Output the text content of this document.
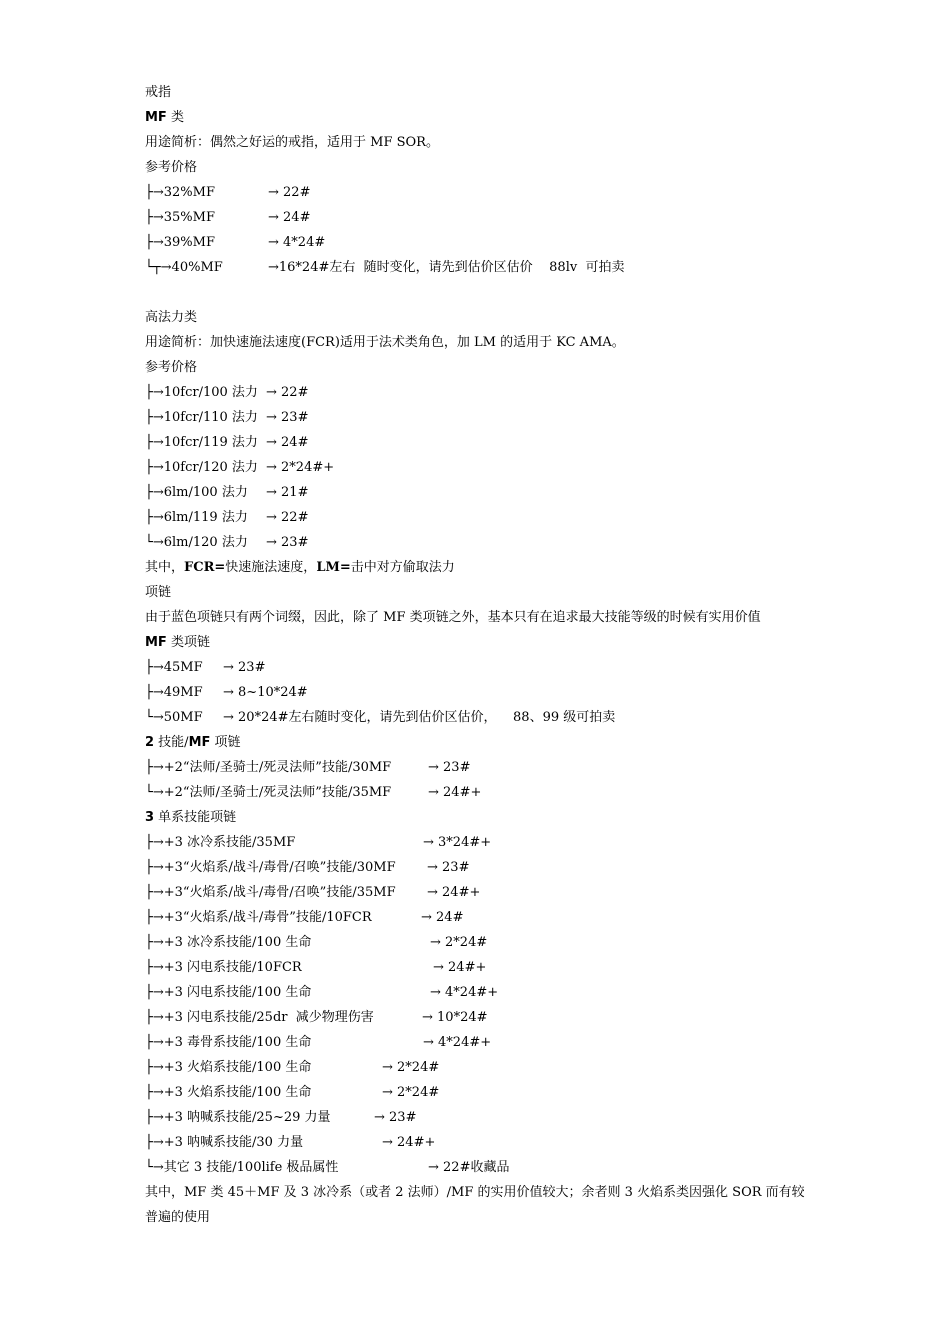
戒指
MF 类
用途简析：偶然之好运的戒指，适用于 MF SOR。
参考价格
├→32%MF	→ 22#
├→35%MF	→ 24#
├→39%MF	→ 4*24#
└┬→40%MF	→16*24#左右  随时变化，请先到估价区估价    88lv  可拍卖
高法力类
用途简析：加快速施法速度(FCR)适用于法术类角色，加 LM 的适用于 KC AMA。
参考价格
├→10fcr/100 法力 → 22#
├→10fcr/110 法力 → 23#
├→10fcr/119 法力 → 24#
├→10fcr/120 法力 → 2*24#+
├→6lm/100 法力 → 21#
├→6lm/119 法力 → 22#
└→6lm/120 法力 → 23#
其中，FCR=快速施法速度，LM=击中对方偷取法力
项链
由于蓝色项链只有两个词缀，因此，除了 MF 类项链之外，基本只有在追求最大技能等级的时候有实用价值
MF 类项链
├→45MF → 23#
├→49MF → 8~10*24#
└→50MF → 20*24#左右随时变化，请先到估价区估价，    88、99 级可拍卖
2 技能/MF 项链
├→+2“法师/圣骑士/死灵法师”技能/30MF	→ 23#
└→+2“法师/圣骑士/死灵法师”技能/35MF	→ 24#+
3 单系技能项链
├→+3 冰冷系技能/35MF	→ 3*24#+
├→+3“火焰系/战斗/毒骨/召唤”技能/30MF → 23#
├→+3“火焰系/战斗/毒骨/召唤”技能/35MF → 24#+
├→+3“火焰系/战斗/毒骨”技能/10FCR	→ 24#
├→+3 冰冷系技能/100 生命	→ 2*24#
├→+3 闪电系技能/10FCR	→ 24#+
├→+3 闪电系技能/100 生命	→ 4*24#+
├→+3 闪电系技能/25dr  减少物理伤害	→ 10*24#
├→+3 毒骨系技能/100 生命	→ 4*24#+
├→+3 火焰系技能/100 生命	→ 2*24#
├→+3 火焰系技能/100 生命	→ 2*24#
├→+3 呐喊系技能/25~29 力量	→ 23#
├→+3 呐喊系技能/30 力量	→ 24#+
└→其它 3 技能/100life 极品属性	→ 22#收藏品
其中，MF 类 45＋MF 及 3 冰冷系（或者 2 法师）/MF 的实用价值较大；余者则 3 火焰系类因强化 SOR 而有较普遍的使用
